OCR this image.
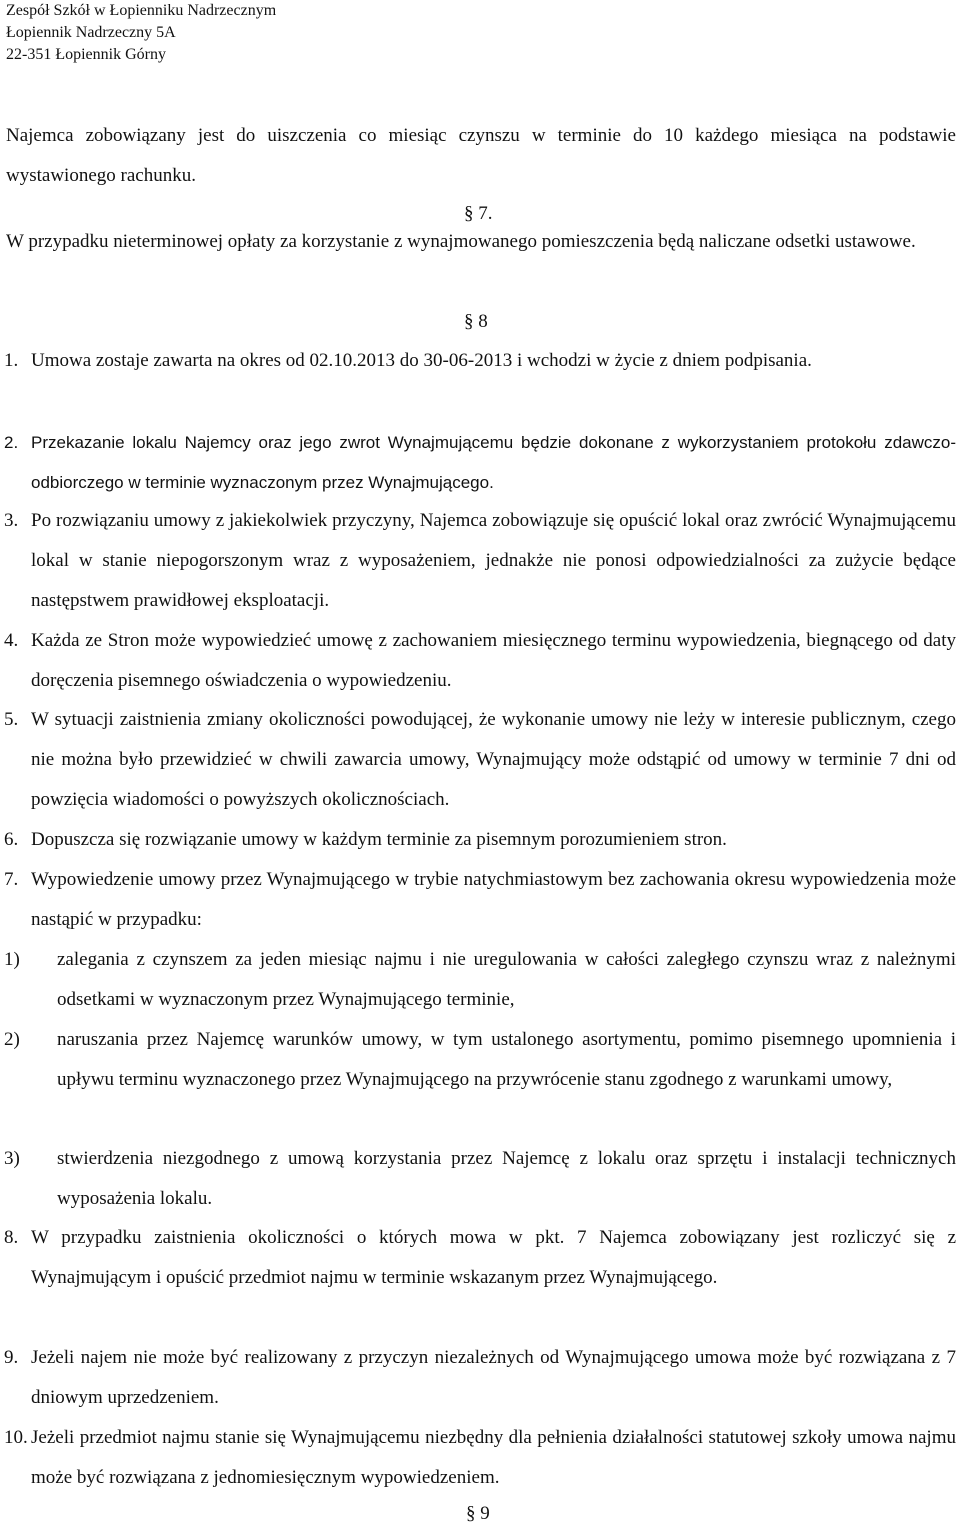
Zespół Szkół w Łopienniku Nadrzecznym
Łopiennik Nadrzeczny 5A
22-351 Łopiennik Górny
Najemca zobowiązany jest do uiszczenia co miesiąc czynszu w terminie do 10 każdego miesiąca na podstawie wystawionego rachunku.
§ 7.
W przypadku nieterminowej opłaty za korzystanie z wynajmowanego pomieszczenia będą naliczane odsetki ustawowe.
§ 8
1. Umowa zostaje zawarta na okres od 02.10.2013 do 30-06-2013 i wchodzi w życie z dniem podpisania.
2. Przekazanie lokalu Najemcy oraz jego zwrot Wynajmującemu będzie dokonane z wykorzystaniem protokołu zdawczo-odbiorczego w terminie wyznaczonym przez Wynajmującego.
3. Po rozwiązaniu umowy z jakiekolwiek przyczyny, Najemca zobowiązuje się opuścić lokal oraz zwrócić Wynajmującemu lokal w stanie niepogorszonym wraz z wyposażeniem, jednakże nie ponosi odpowiedzialności za zużycie będące następstwem prawidłowej eksploatacji.
4. Każda ze Stron może wypowiedzieć umowę z zachowaniem miesięcznego terminu wypowiedzenia, biegnącego od daty doręczenia pisemnego oświadczenia o wypowiedzeniu.
5. W sytuacji zaistnienia zmiany okoliczności powodującej, że wykonanie umowy nie leży w interesie publicznym, czego nie można było przewidzieć w chwili zawarcia umowy, Wynajmujący może odstąpić od umowy w terminie 7 dni od powzięcia wiadomości o powyższych okolicznościach.
6. Dopuszcza się rozwiązanie umowy w każdym terminie za pisemnym porozumieniem stron.
7. Wypowiedzenie umowy przez Wynajmującego w trybie natychmiastowym bez zachowania okresu wypowiedzenia może nastąpić w przypadku:
1) zalegania z czynszem za jeden miesiąc najmu i nie uregulowania w całości zaległego czynszu wraz z należnymi odsetkami w wyznaczonym przez Wynajmującego terminie,
2) naruszania przez Najemcę warunków umowy, w tym ustalonego asortymentu, pomimo pisemnego upomnienia i upływu terminu wyznaczonego przez Wynajmującego na przywrócenie stanu zgodnego z warunkami umowy,
3) stwierdzenia niezgodnego z umową korzystania przez Najemcę z lokalu oraz sprzętu i instalacji technicznych wyposażenia lokalu.
8. W przypadku zaistnienia okoliczności o których mowa w pkt. 7 Najemca zobowiązany jest rozliczyć się z Wynajmującym i opuścić przedmiot najmu w terminie wskazanym przez Wynajmującego.
9. Jeżeli najem nie może być realizowany z przyczyn niezależnych od Wynajmującego umowa może być rozwiązana z 7 dniowym uprzedzeniem.
10. Jeżeli przedmiot najmu stanie się Wynajmującemu niezbędny dla pełnienia działalności statutowej szkoły umowa najmu może być rozwiązana z jednomiesięcznym wypowiedzeniem.
§ 9
